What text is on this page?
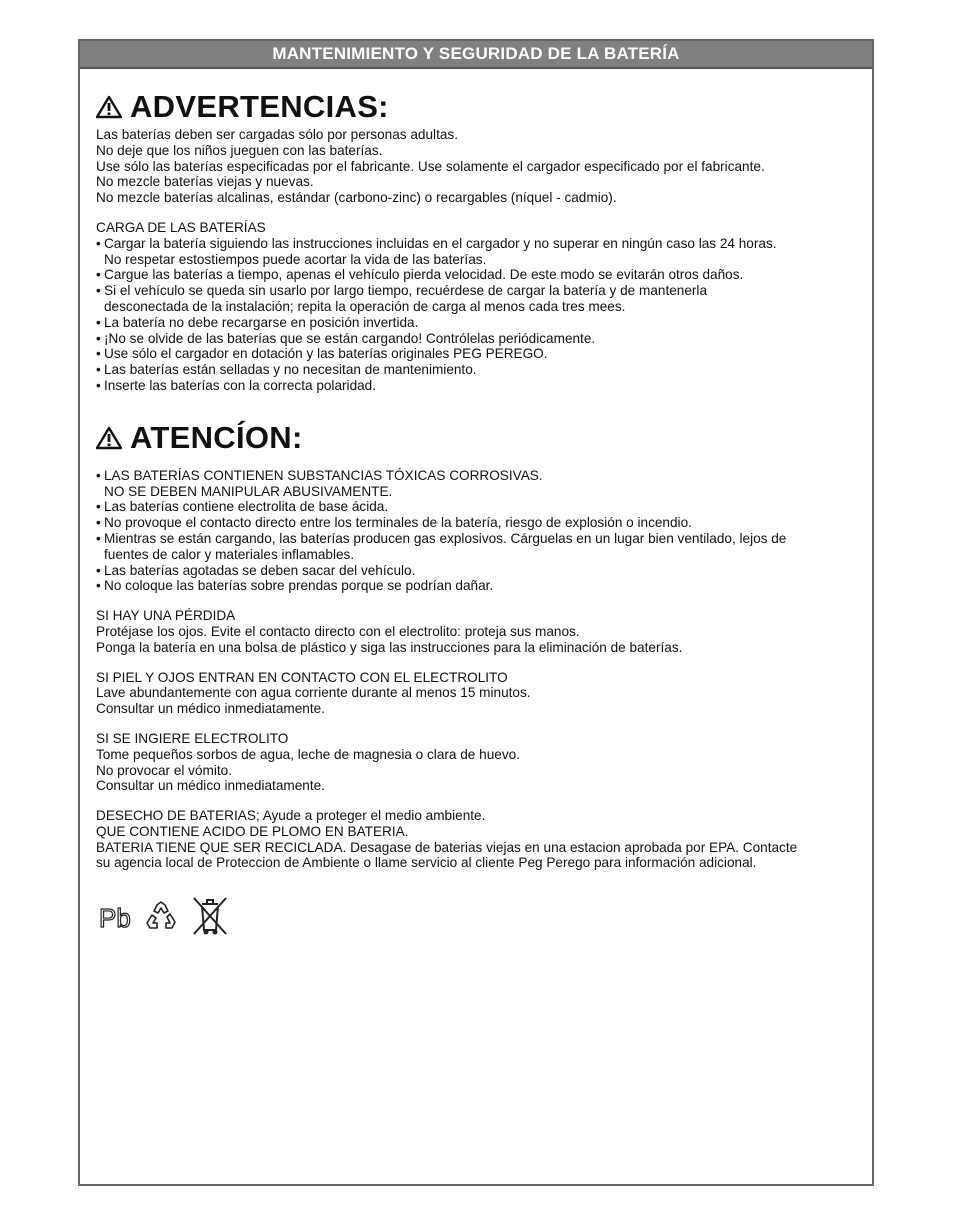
MANTENIMIENTO Y SEGURIDAD DE LA BATERÍA
ADVERTENCIAS:
Las baterías deben ser cargadas sólo por personas adultas.
No deje que los niños jueguen con las baterías.
Use sólo las baterías especificadas por el fabricante. Use solamente el cargador especificado por el fabricante.
No mezcle baterías viejas y nuevas.
No mezcle baterías alcalinas, estándar (carbono-zinc) o recargables (níquel - cadmio).
CARGA DE LAS BATERÍAS
• Cargar la batería siguiendo las instrucciones incluidas en el cargador y no superar en ningún caso las 24 horas.
No respetar estostiempos puede acortar la vida de las baterías.
• Cargue las baterías a tiempo, apenas el vehículo pierda velocidad. De este modo se evitarán otros daños.
• Si el vehículo se queda sin usarlo por largo tiempo, recuérdese de cargar la batería y de mantenerla
desconectada de la instalación; repita la operación de carga al menos cada tres mees.
• La batería no debe recargarse en posición invertida.
• ¡No se olvide de las baterías que se están cargando! Contrólelas periódicamente.
• Use sólo el cargador en dotación y las baterías originales PEG PEREGO.
• Las baterías están selladas y no necesitan de mantenimiento.
• Inserte las baterías con la correcta polaridad.
ATENCÍON:
• LAS BATERÍAS CONTIENEN SUBSTANCIAS TÓXICAS CORROSIVAS.
NO SE DEBEN MANIPULAR ABUSIVAMENTE.
• Las baterías contiene electrolita de base ácida.
• No provoque el contacto directo entre los terminales de la batería, riesgo de explosión o incendio.
• Mientras se están cargando, las baterías producen gas explosivos. Cárguelas en un lugar bien ventilado, lejos de
fuentes de calor y materiales inflamables.
• Las baterías agotadas se deben sacar del vehículo.
• No coloque las baterías sobre prendas porque se podrían dañar.
SI HAY UNA PÉRDIDA
Protéjase los ojos. Evite el contacto directo con el electrolito: proteja sus manos.
Ponga la batería en una bolsa de plástico y siga las instrucciones para la eliminación de baterías.
SI PIEL Y OJOS ENTRAN EN CONTACTO CON EL ELECTROLITO
Lave abundantemente con agua corriente durante al menos 15 minutos.
Consultar un médico inmediatamente.
SI SE INGIERE ELECTROLITO
Tome pequeños sorbos de agua, leche de magnesia o clara de huevo.
No provocar el vómito.
Consultar un médico inmediatamente.
DESECHO DE BATERIAS; Ayude a proteger el medio ambiente.
QUE CONTIENE ACIDO DE PLOMO EN BATERIA.
BATERIA TIENE QUE SER RECICLADA. Desagase de baterias viejas en una estacion aprobada por EPA. Contacte
su agencia local de Proteccion de Ambiente o llame servicio al cliente Peg Perego para información adicional.
Pb
